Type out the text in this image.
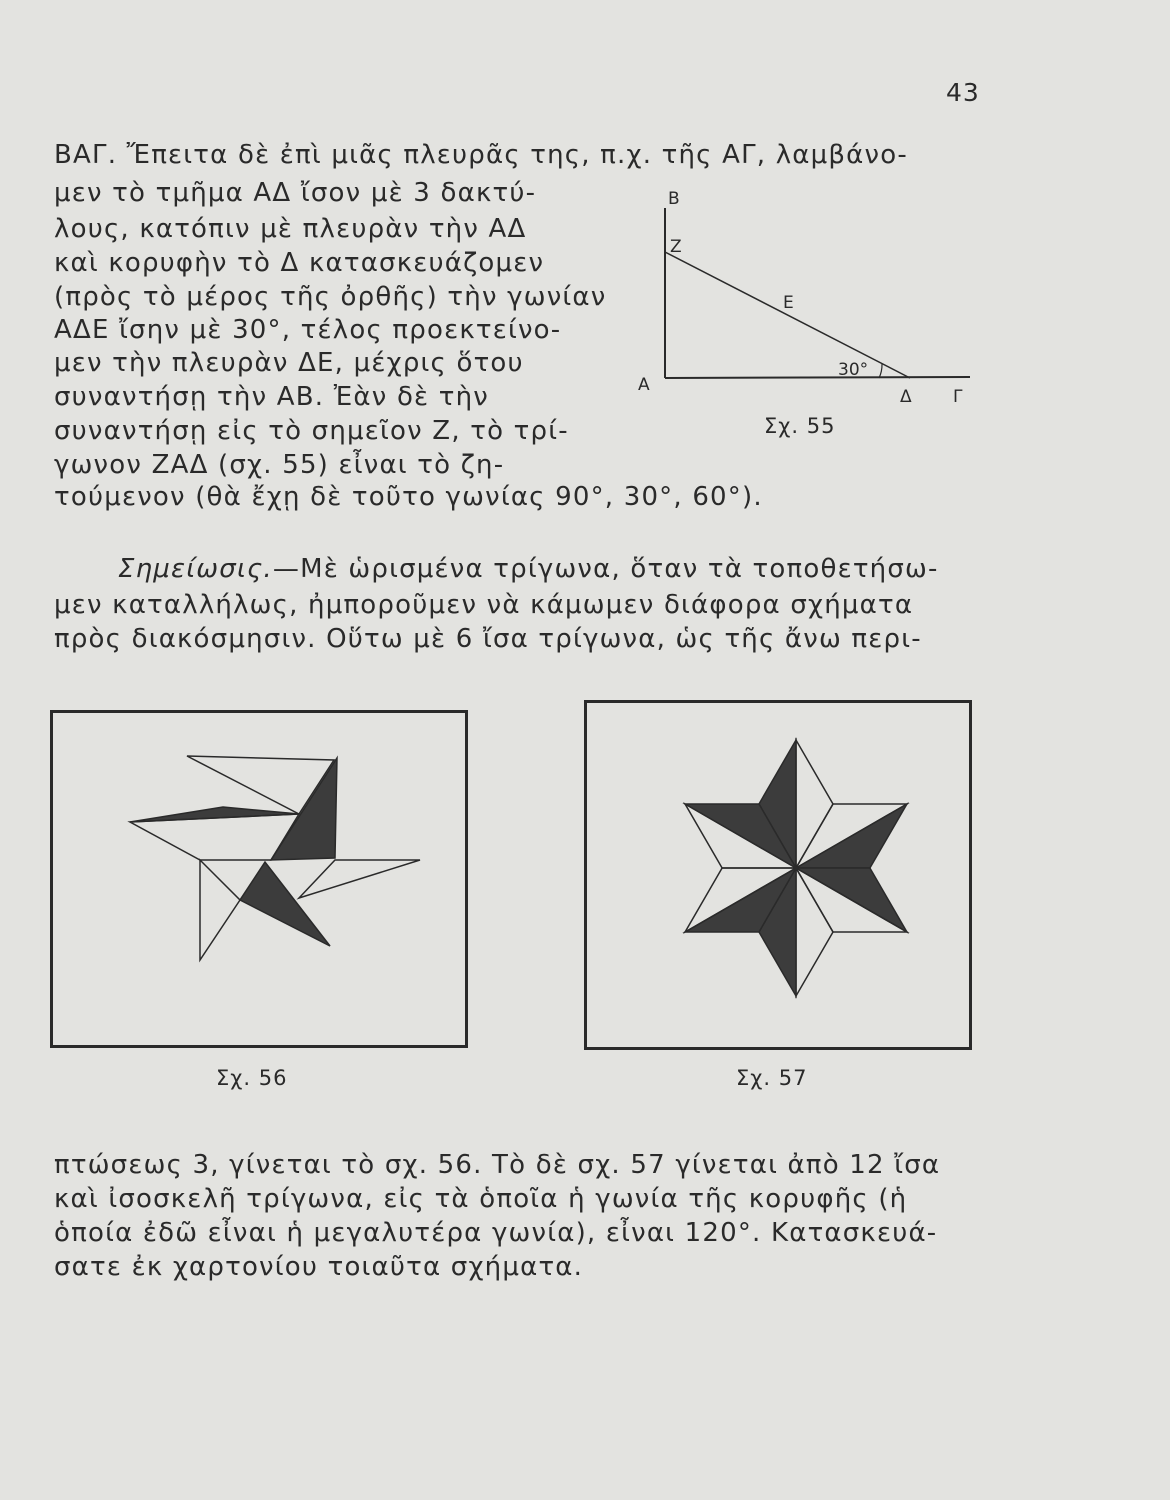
43
ΒΑΓ. Ἔπειτα δὲ ἐπὶ μιᾶς πλευρᾶς της, π.χ. τῆς ΑΓ, λαμβάνο-
μεν τὸ τμῆμα ΑΔ ἴσον μὲ 3 δακτύ-
λους, κατόπιν μὲ πλευρὰν τὴν ΑΔ
καὶ κορυφὴν τὸ Δ κατασκευάζομεν
(πρὸς τὸ μέρος τῆς ὀρθῆς) τὴν γωνίαν
ΑΔΕ ἴσην μὲ 30°, τέλος προεκτείνο-
μεν τὴν πλευρὰν ΔΕ, μέχρις ὅτου
συναντήσῃ τὴν ΑΒ. Ἐὰν δὲ τὴν
συναντήσῃ εἰς τὸ σημεῖον Ζ, τὸ τρί-
γωνον ΖΑΔ (σχ. 55) εἶναι τὸ ζη-
τούμενον (θὰ ἔχῃ δὲ τοῦτο γωνίας 90°, 30°, 60°).
Β
Ζ
Ε
30°
Α
Δ Γ
Σχ. 55
Σημείωσις.—Μὲ ὡρισμένα τρίγωνα, ὅταν τὰ τοποθετήσω-
μεν καταλλήλως, ἠμποροῦμεν νὰ κάμωμεν διάφορα σχήματα
πρὸς διακόσμησιν. Οὕτω μὲ 6 ἴσα τρίγωνα, ὡς τῆς ἄνω περι-
Σχ. 56	Σχ. 57
πτώσεως 3, γίνεται τὸ σχ. 56. Τὸ δὲ σχ. 57 γίνεται ἀπὸ 12 ἴσα
καὶ ἰσοσκελῆ τρίγωνα, εἰς τὰ ὁποῖα ἡ γωνία τῆς κορυφῆς (ἡ
ὁποία ἐδῶ εἶναι ἡ μεγαλυτέρα γωνία), εἶναι 120°. Κατασκευά-
σατε ἐκ χαρτονίου τοιαῦτα σχήματα.
